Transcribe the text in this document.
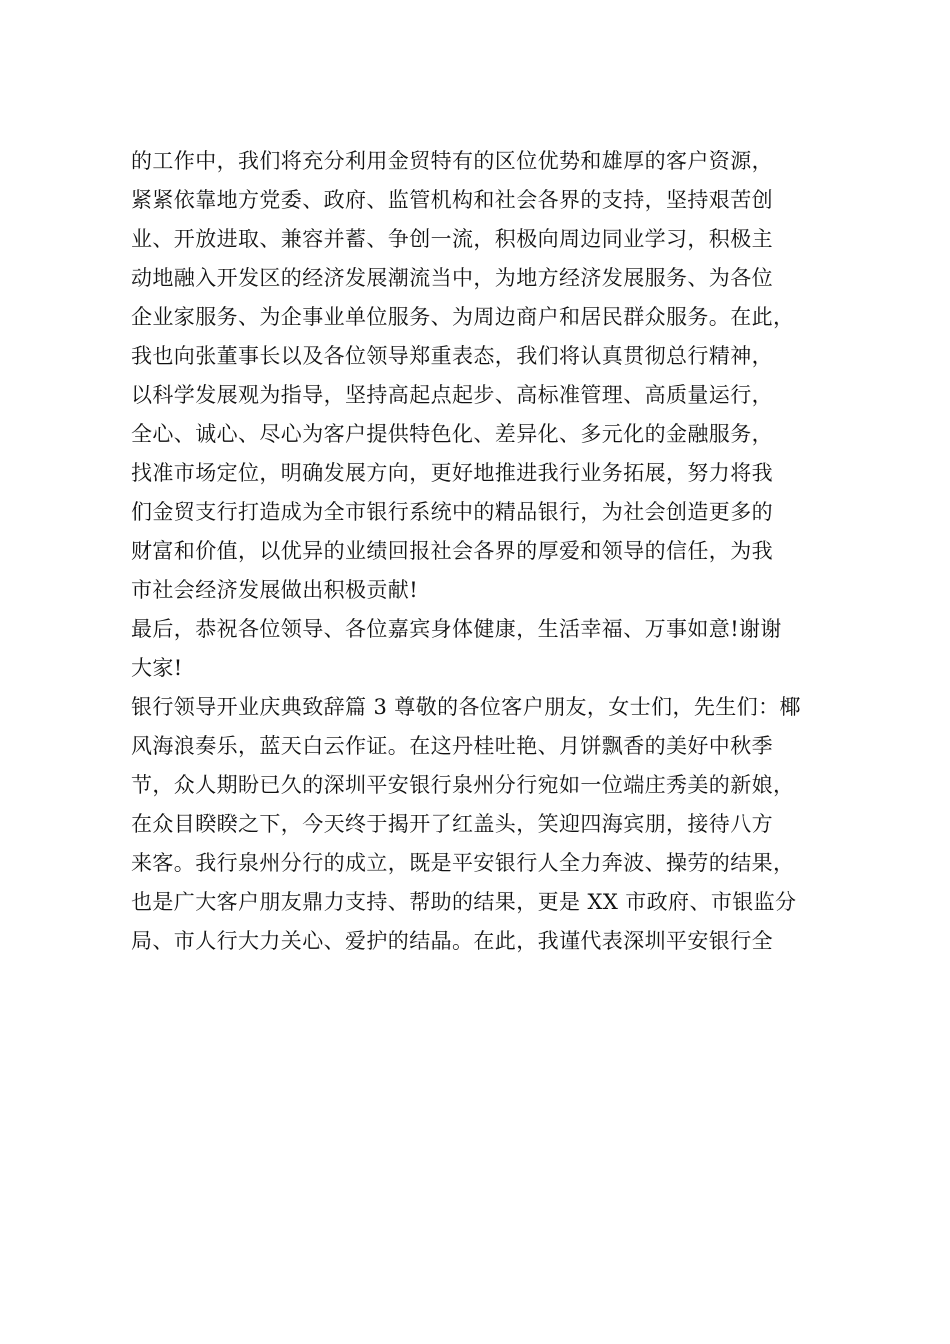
的工作中，我们将充分利用金贸特有的区位优势和雄厚的客户资源，
紧紧依靠地方党委、政府、监管机构和社会各界的支持，坚持艰苦创
业、开放进取、兼容并蓄、争创一流，积极向周边同业学习，积极主
动地融入开发区的经济发展潮流当中，为地方经济发展服务、为各位
企业家服务、为企事业单位服务、为周边商户和居民群众服务。在此，
我也向张董事长以及各位领导郑重表态，我们将认真贯彻总行精神，
以科学发展观为指导，坚持高起点起步、高标准管理、高质量运行，
全心、诚心、尽心为客户提供特色化、差异化、多元化的金融服务，
找准市场定位，明确发展方向，更好地推进我行业务拓展，努力将我
们金贸支行打造成为全市银行系统中的精品银行，为社会创造更多的
财富和价值，以优异的业绩回报社会各界的厚爱和领导的信任，为我
市社会经济发展做出积极贡献!
最后，恭祝各位领导、各位嘉宾身体健康，生活幸福、万事如意!谢谢
大家!
银行领导开业庆典致辞篇 3 尊敬的各位客户朋友，女士们，先生们：椰
风海浪奏乐，蓝天白云作证。在这丹桂吐艳、月饼飘香的美好中秋季
节，众人期盼已久的深圳平安银行泉州分行宛如一位端庄秀美的新娘，
在众目睽睽之下，今天终于揭开了红盖头，笑迎四海宾朋，接待八方
来客。我行泉州分行的成立，既是平安银行人全力奔波、操劳的结果，
也是广大客户朋友鼎力支持、帮助的结果，更是 XX 市政府、市银监分
局、市人行大力关心、爱护的结晶。在此，我谨代表深圳平安银行全
